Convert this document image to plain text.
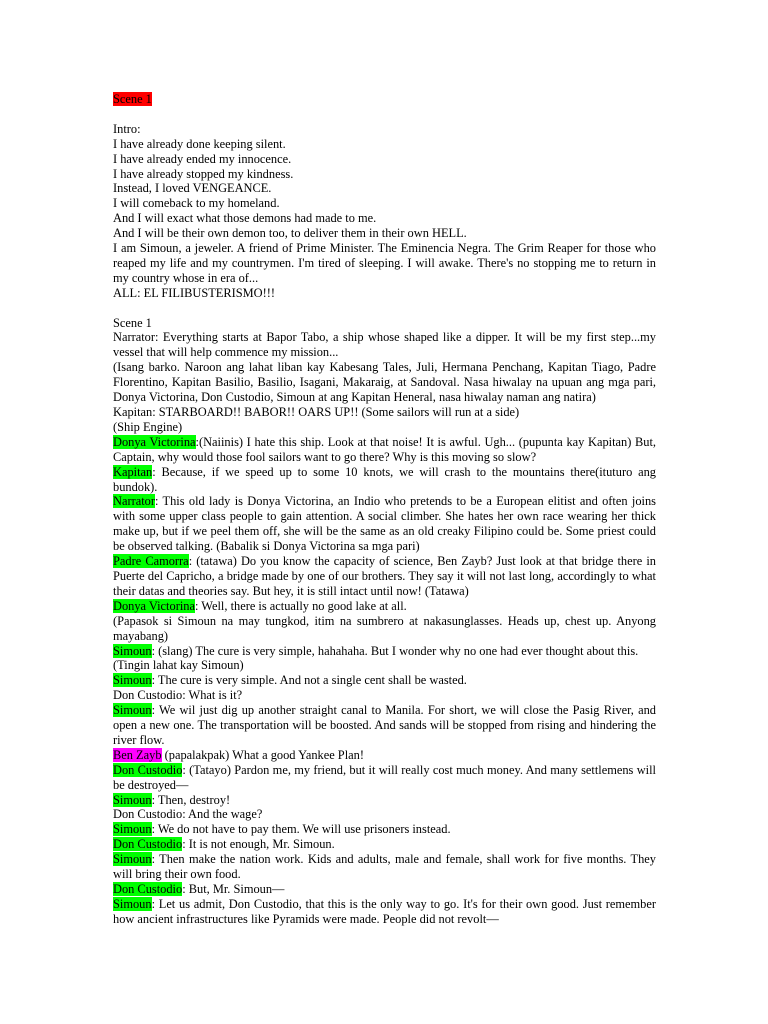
Scene 1

Intro:

I have already done keeping silent.

I have already ended my innocence.

I have already stopped my kindness.

Instead, I loved VENGEANCE.

I will comeback to my homeland.

And I will exact what those demons had made to me.

And I will be their own demon too, to deliver them in their own HELL.

I am Simoun, a jeweler. A friend of Prime Minister. The Eminencia Negra. The Grim Reaper for those who reaped my life and my countrymen. I'm tired of sleeping. I will awake. There's no stopping me to return in my country whose in era of...

ALL: EL FILIBUSTERISMO!!!

Scene 1

Narrator: Everything starts at Bapor Tabo, a ship whose shaped like a dipper. It will be my first step...my vessel that will help commence my mission...

(Isang barko. Naroon ang lahat liban kay Kabesang Tales, Juli, Hermana Penchang, Kapitan Tiago, Padre Florentino, Kapitan Basilio, Basilio, Isagani, Makaraig, at Sandoval. Nasa hiwalay na upuan ang mga pari, Donya Victorina, Don Custodio, Simoun at ang Kapitan Heneral, nasa hiwalay naman ang natira)

Kapitan: STARBOARD!! BABOR!! OARS UP!! (Some sailors will run at a side)

(Ship Engine)

Donya Victorina:(Naiinis) I hate this ship. Look at that noise! It is awful. Ugh... (pupunta kay Kapitan) But, Captain, why would those fool sailors want to go there? Why is this moving so slow?

Kapitan: Because, if we speed up to some 10 knots, we will crash to the mountains there(ituturo ang bundok).

Narrator: This old lady is Donya Victorina, an Indio who pretends to be a European elitist and often joins with some upper class people to gain attention. A social climber. She hates her own race wearing her thick make up, but if we peel them off, she will be the same as an old creaky Filipino could be. Some priest could be observed talking. (Babalik si Donya Victorina sa mga pari)

Padre Camorra: (tatawa) Do you know the capacity of science, Ben Zayb? Just look at that bridge there in Puerte del Capricho, a bridge made by one of our brothers. They say it will not last long, accordingly to what their datas and theories say. But hey, it is still intact until now! (Tatawa)

Donya Victorina: Well, there is actually no good lake at all.

(Papasok si Simoun na may tungkod, itim na sumbrero at nakasunglasses. Heads up, chest up. Anyong mayabang)

Simoun: (slang) The cure is very simple, hahahaha. But I wonder why no one had ever thought about this.

(Tingin lahat kay Simoun)

Simoun: The cure is very simple. And not a single cent shall be wasted.

Don Custodio: What is it?

Simoun: We wil just dig up another straight canal to Manila. For short, we will close the Pasig River, and open a new one. The transportation will be boosted. And sands will be stopped from rising and hindering the river flow.

Ben Zayb (papalakpak) What a good Yankee Plan!

Don Custodio: (Tatayo) Pardon me, my friend, but it will really cost much money. And many settlemens will be destroyed—

Simoun: Then, destroy!

Don Custodio: And the wage?

Simoun: We do not have to pay them. We will use prisoners instead.

Don Custodio: It is not enough, Mr. Simoun.

Simoun: Then make the nation work. Kids and adults, male and female, shall work for five months. They will bring their own food.

Don Custodio: But, Mr. Simoun—

Simoun: Let us admit, Don Custodio, that this is the only way to go. It's for their own good. Just remember how ancient infrastructures like Pyramids were made. People did not revolt—
